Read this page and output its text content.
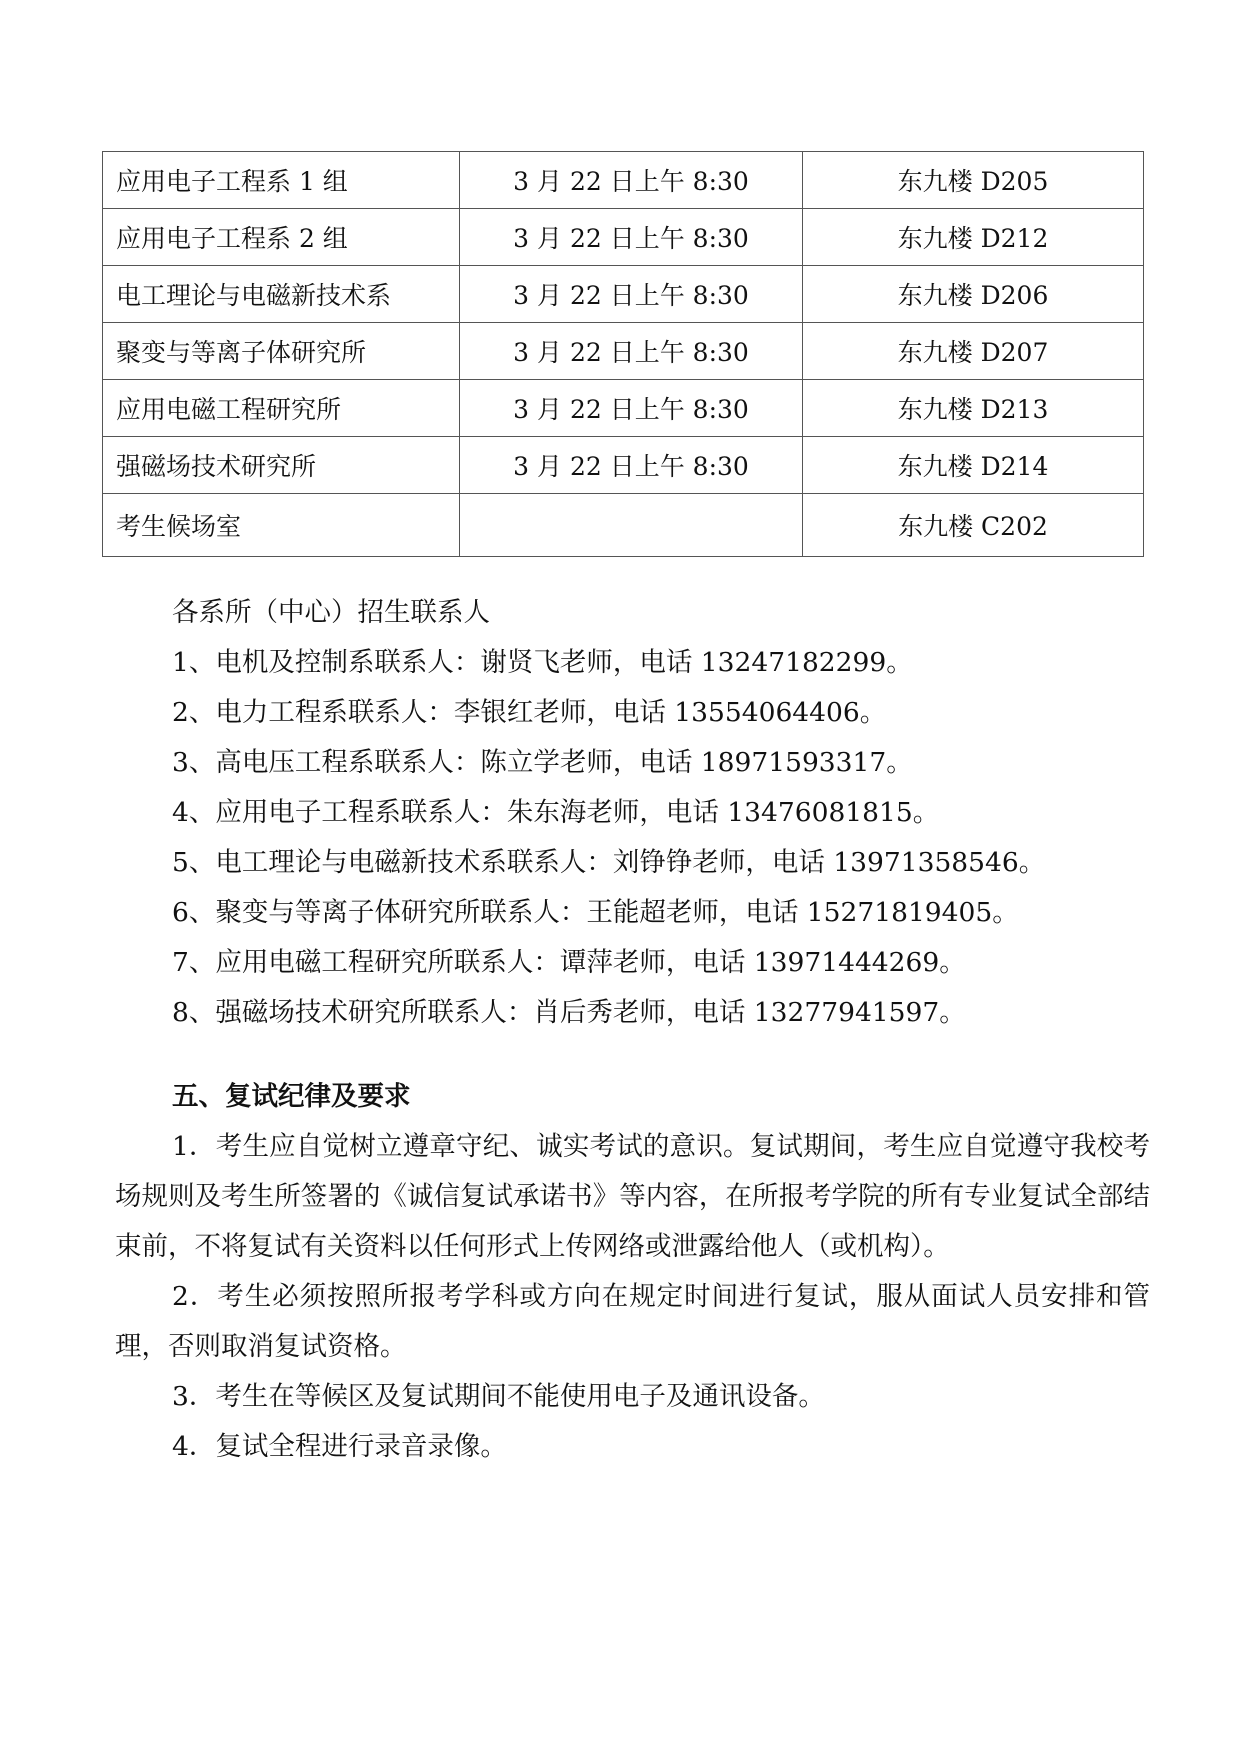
应用电子工程系 1 组	3 月 22 日上午 8:30	东九楼 D205
应用电子工程系 2 组	3 月 22 日上午 8:30	东九楼 D212
电工理论与电磁新技术系	3 月 22 日上午 8:30	东九楼 D206
聚变与等离子体研究所	3 月 22 日上午 8:30	东九楼 D207
应用电磁工程研究所	3 月 22 日上午 8:30	东九楼 D213
强磁场技术研究所	3 月 22 日上午 8:30	东九楼 D214
考生候场室		东九楼 C202

各系所（中心）招生联系人

1、电机及控制系联系人：谢贤飞老师，电话 13247182299。

2、电力工程系联系人：李银红老师，电话 13554064406。

3、高电压工程系联系人：陈立学老师，电话 18971593317。

4、应用电子工程系联系人：朱东海老师，电话 13476081815。

5、电工理论与电磁新技术系联系人：刘铮铮老师，电话 13971358546。

6、聚变与等离子体研究所联系人：王能超老师，电话 15271819405。

7、应用电磁工程研究所联系人：谭萍老师，电话 13971444269。

8、强磁场技术研究所联系人：肖后秀老师，电话 13277941597。

五、复试纪律及要求

1．考生应自觉树立遵章守纪、诚实考试的意识。复试期间，考生应自觉遵守我校考场规则及考生所签署的《诚信复试承诺书》等内容，在所报考学院的所有专业复试全部结束前，不将复试有关资料以任何形式上传网络或泄露给他人（或机构）。

2．考生必须按照所报考学科或方向在规定时间进行复试，服从面试人员安排和管理，否则取消复试资格。

3．考生在等候区及复试期间不能使用电子及通讯设备。

4．复试全程进行录音录像。
